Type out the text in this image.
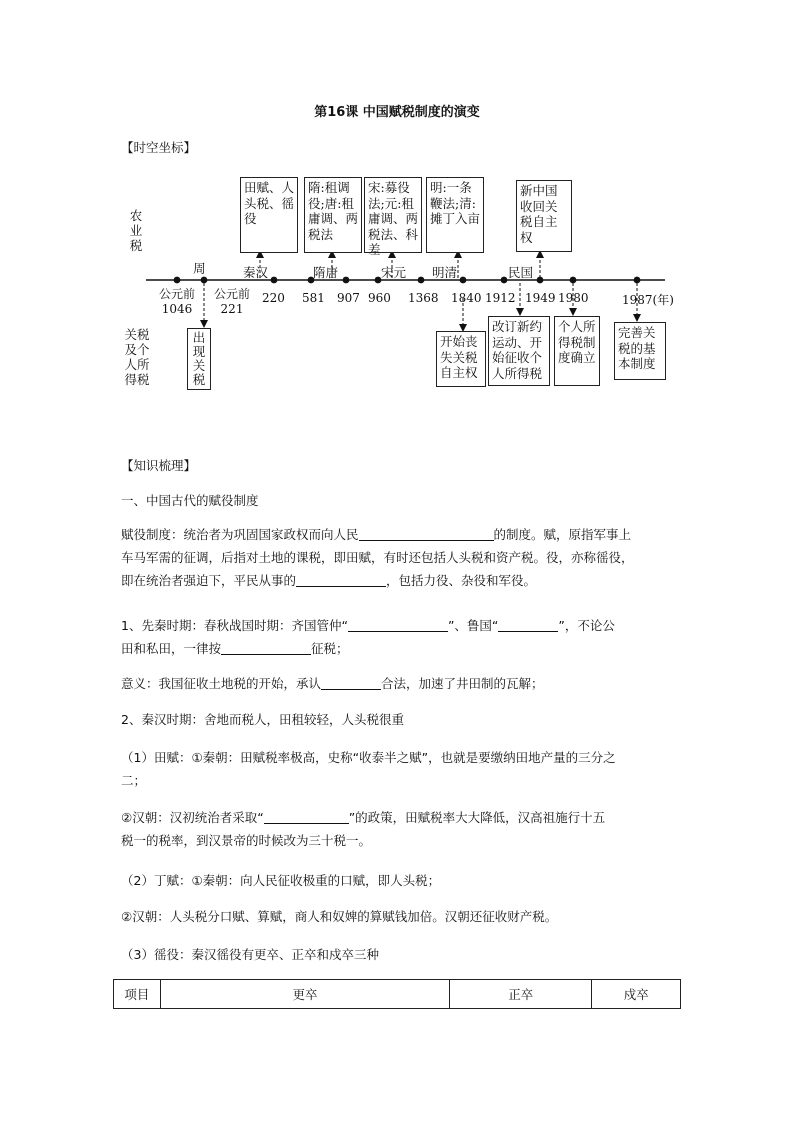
第16课 中国赋税制度的演变
【时空坐标】
农业税
关税及个人所得税
田赋、人头税、徭役
隋:租调役;唐:租庸调、两税法
宋:募役法;元:租庸调、两税法、科差
明:一条鞭法;清:摊丁入亩
新中国收回关税自主权
周	秦汉	隋唐	宋元 明清	民国
公元前1046
公元前221
220 581 907 960 1368 1840 1912 1949 1980	1987(年)
出现关税
开始丧失关税自主权
改订新约运动、开始征收个人所得税
个人所得税制度确立
完善关税的基本制度
【知识梳理】
一、中国古代的赋役制度
赋役制度：统治者为巩固国家政权而向人民	的制度。赋，原指军事上
车马军需的征调，后指对土地的课税，即田赋，有时还包括人头税和资产税。役，亦称徭役，
即在统治者强迫下，平民从事的	，包括力役、杂役和军役。
1、先秦时期：春秋战国时期：齐国管仲“	”、鲁国“	”，不论公
田和私田，一律按	征税；
意义：我国征收土地税的开始，承认	合法，加速了井田制的瓦解；
2、秦汉时期：舍地而税人，田租较轻，人头税很重
（1）田赋：①秦朝：田赋税率极高，史称“收泰半之赋”，也就是要缴纳田地产量的三分之
二；
②汉朝：汉初统治者采取“	”的政策，田赋税率大大降低，汉高祖施行十五
税一的税率，到汉景帝的时候改为三十税一。
（2）丁赋：①秦朝：向人民征收极重的口赋，即人头税；
②汉朝：人头税分口赋、算赋，商人和奴婢的算赋钱加倍。汉朝还征收财产税。
（3）徭役：秦汉徭役有更卒、正卒和戍卒三种
项目	更卒	正卒	戍卒
